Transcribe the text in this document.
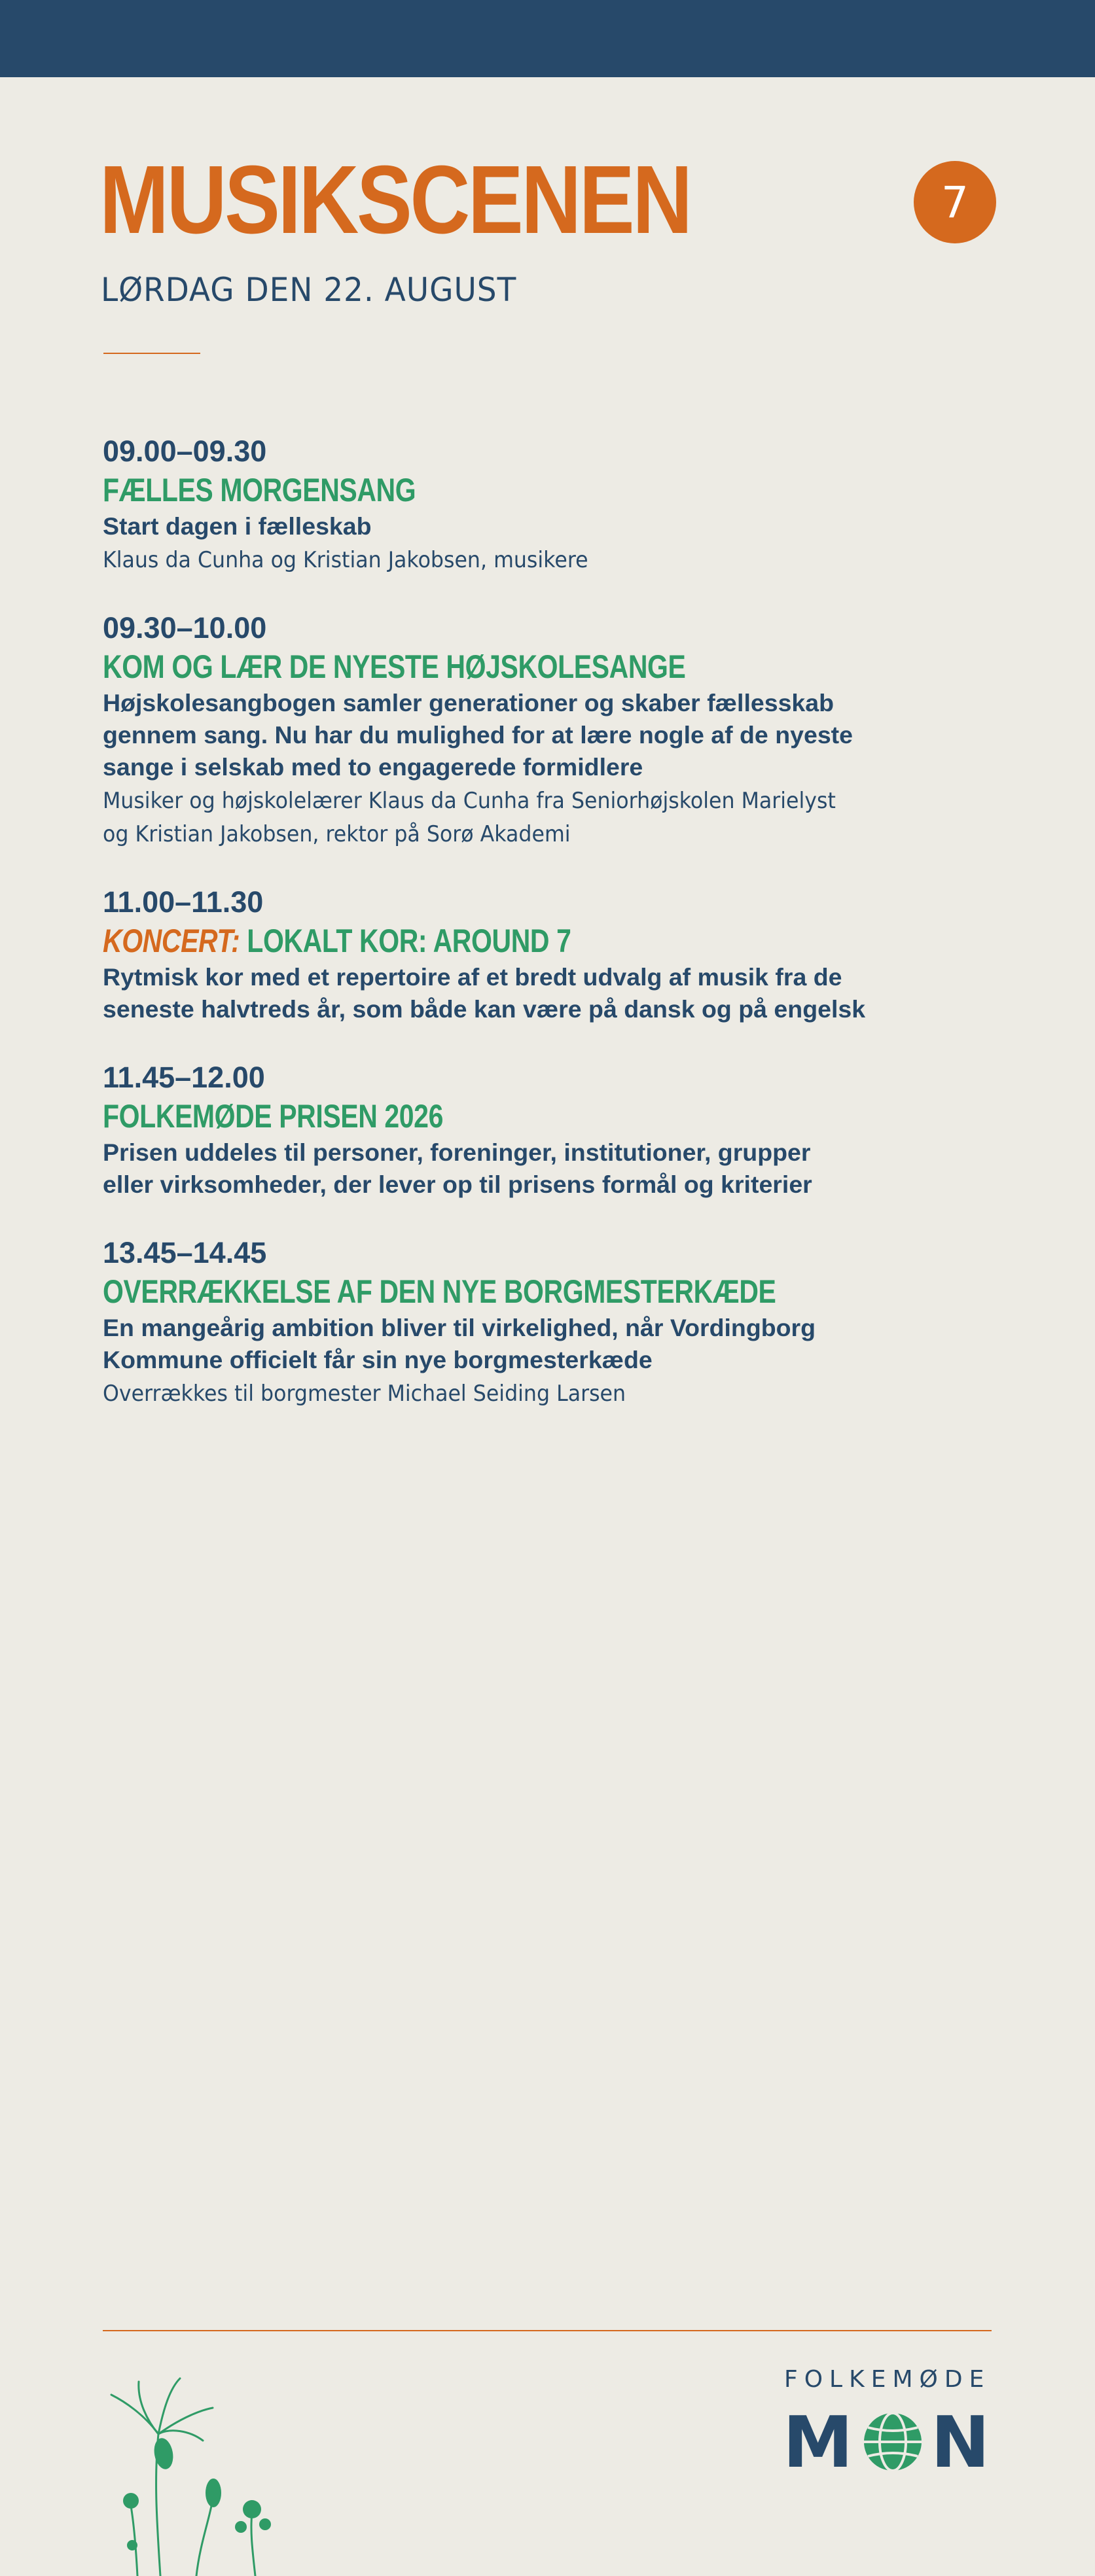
MUSIKSCENEN	7
LØRDAG DEN 22. AUGUST
09.00–09.30
FÆLLES MORGENSANG
Start dagen i fælleskab
Klaus da Cunha og Kristian Jakobsen, musikere
09.30–10.00
KOM OG LÆR DE NYESTE HØJSKOLESANGE
Højskolesangbogen samler generationer og skaber fællesskab
gennem sang. Nu har du mulighed for at lære nogle af de nyeste
sange i selskab med to engagerede formidlere
Musiker og højskolelærer Klaus da Cunha fra Seniorhøjskolen Marielyst
og Kristian Jakobsen, rektor på Sorø Akademi
11.00–11.30
KONCERT: LOKALT KOR: AROUND 7
Rytmisk kor med et repertoire af et bredt udvalg af musik fra de
seneste halvtreds år, som både kan være på dansk og på engelsk
11.45–12.00
FOLKEMØDE PRISEN 2026
Prisen uddeles til personer, foreninger, institutioner, grupper
eller virksomheder, der lever op til prisens formål og kriterier
13.45–14.45
OVERRÆKKELSE AF DEN NYE BORGMESTERKÆDE
En mangeårig ambition bliver til virkelighed, når Vordingborg
Kommune officielt får sin nye borgmesterkæde
Overrækkes til borgmester Michael Seiding Larsen
FOLKEMØDE
M N
